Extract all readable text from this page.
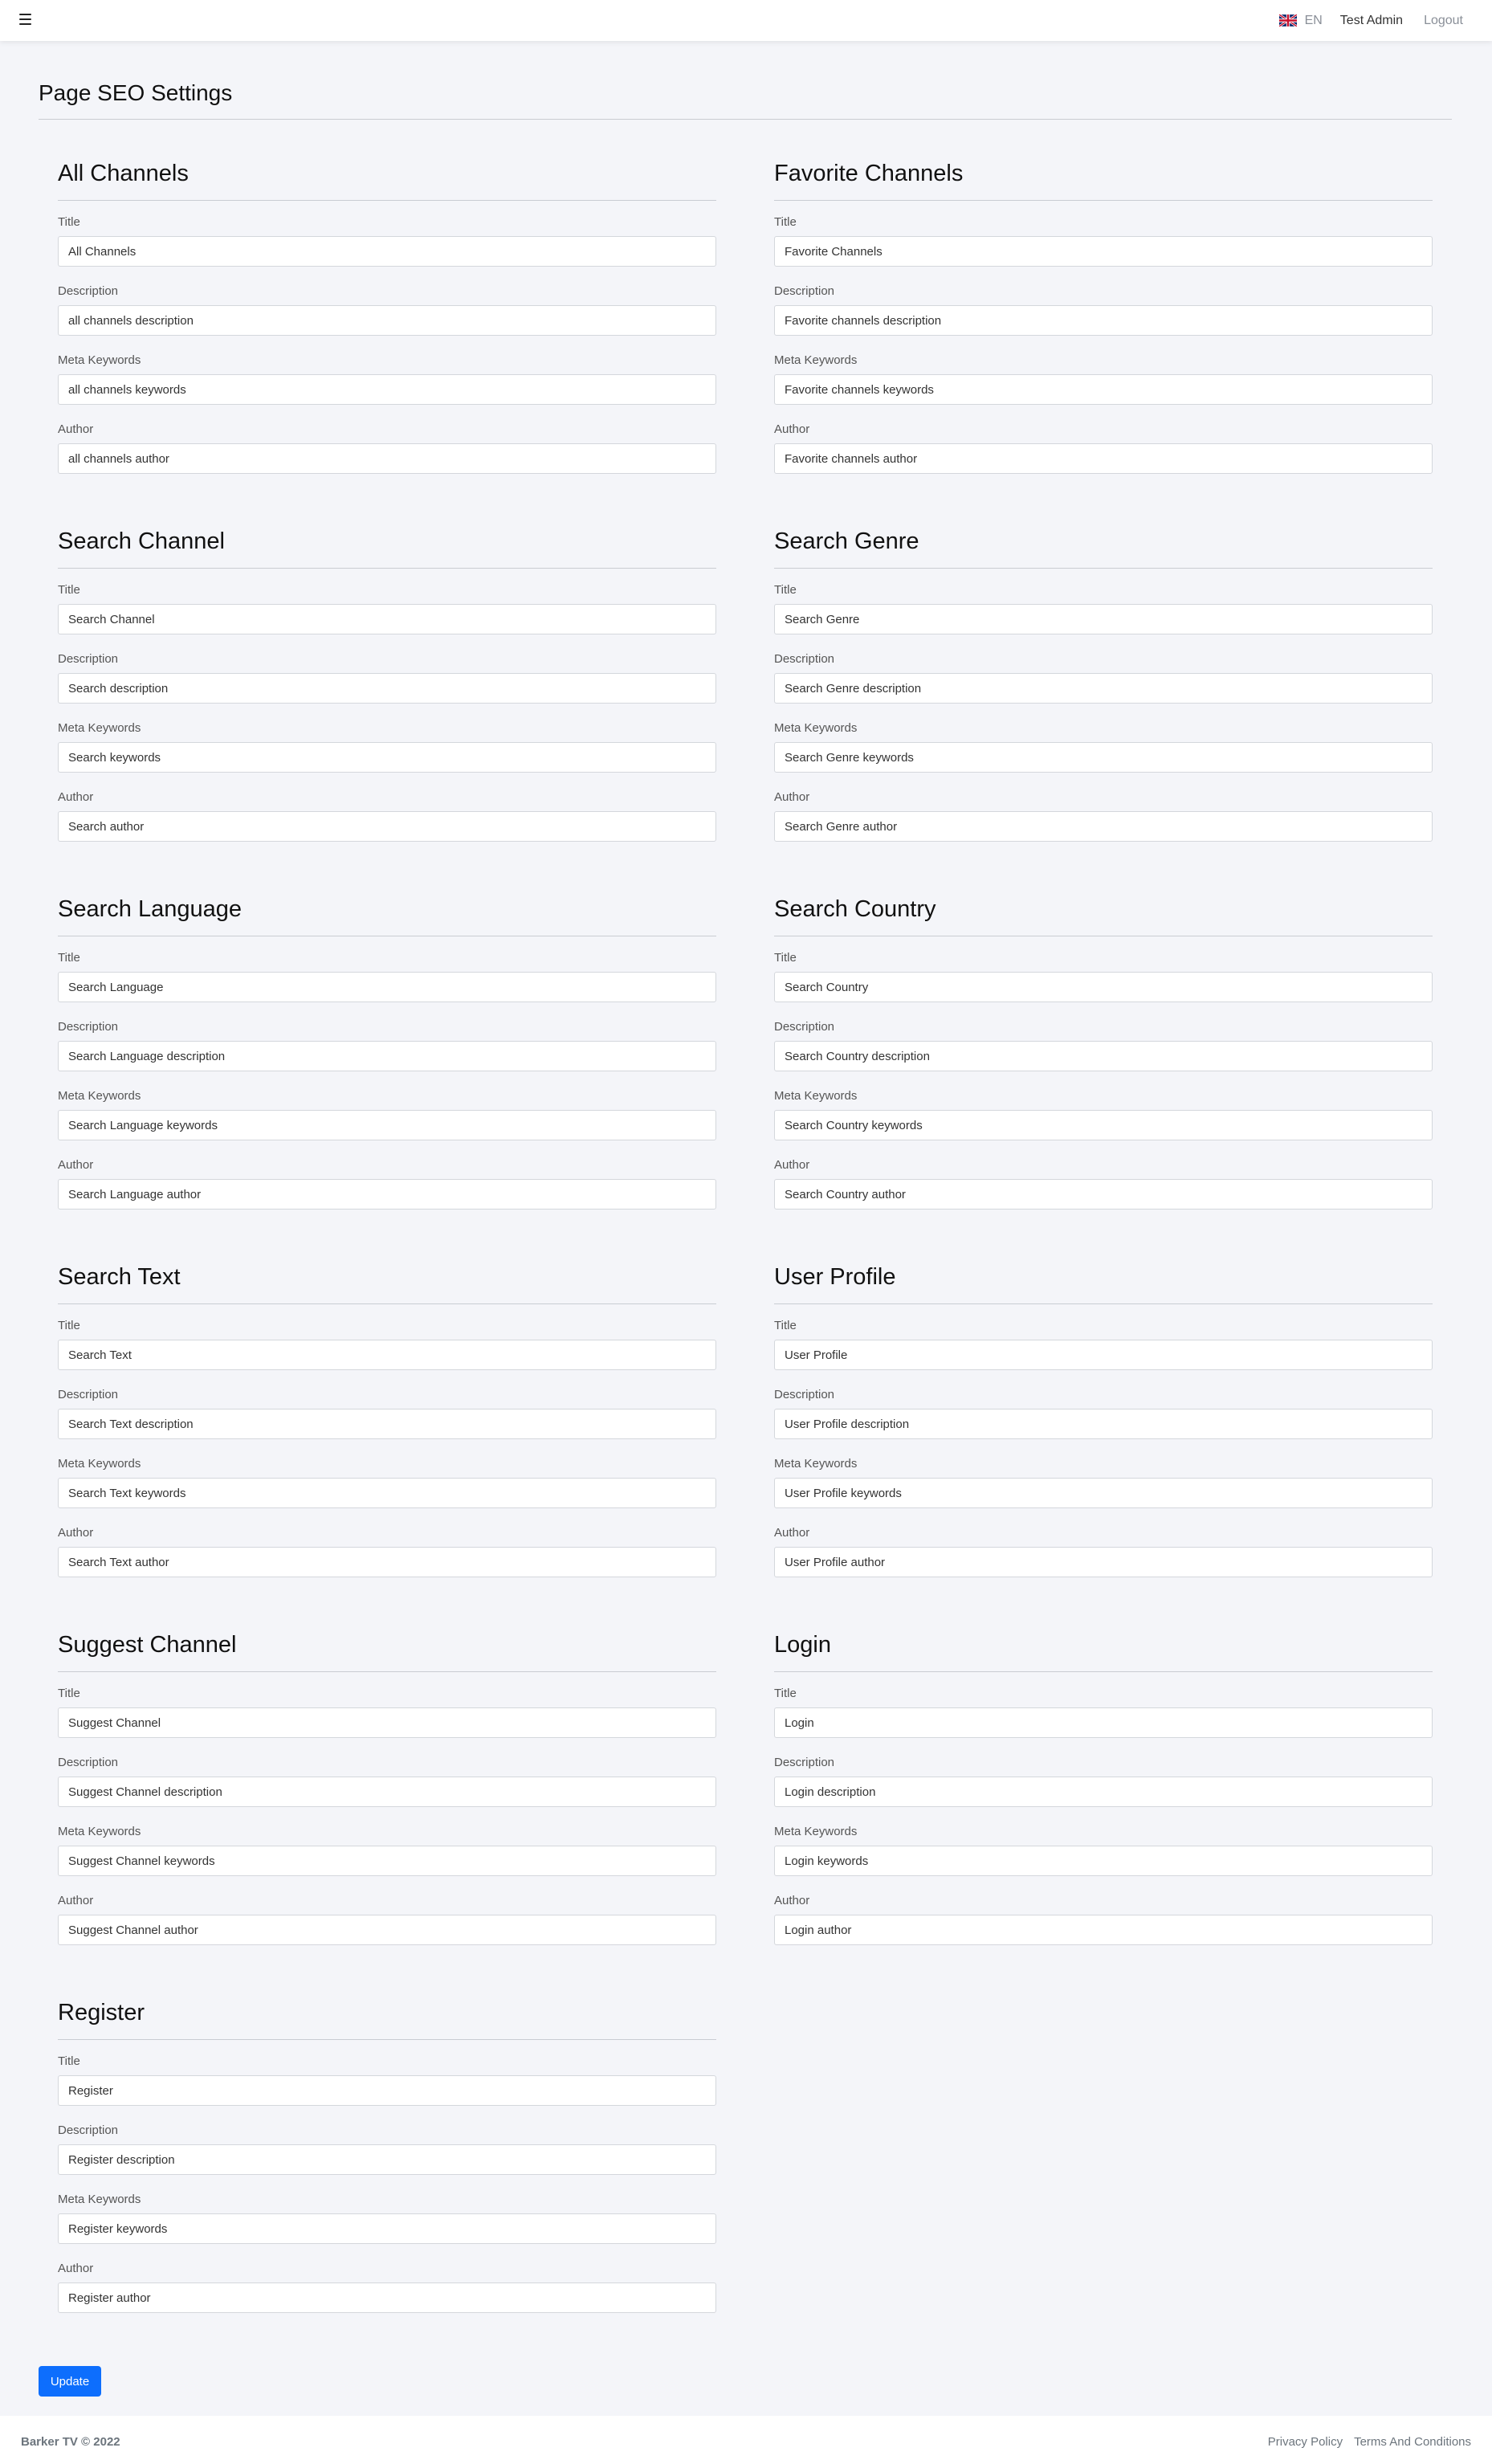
EN Test Admin Logout
Page SEO Settings
All Channels
Title
All Channels
Description
all channels description
Meta Keywords
all channels keywords
Author
all channels author
Favorite Channels
Title
Favorite Channels
Description
Favorite channels description
Meta Keywords
Favorite channels keywords
Author
Favorite channels author
Search Channel
Title
Search Channel
Description
Search description
Meta Keywords
Search keywords
Author
Search author
Search Genre
Title
Search Genre
Description
Search Genre description
Meta Keywords
Search Genre keywords
Author
Search Genre author
Search Language
Title
Search Language
Description
Search Language description
Meta Keywords
Search Language keywords
Author
Search Language author
Search Country
Title
Search Country
Description
Search Country description
Meta Keywords
Search Country keywords
Author
Search Country author
Search Text
Title
Search Text
Description
Search Text description
Meta Keywords
Search Text keywords
Author
Search Text author
User Profile
Title
User Profile
Description
User Profile description
Meta Keywords
User Profile keywords
Author
User Profile author
Suggest Channel
Title
Suggest Channel
Description
Suggest Channel description
Meta Keywords
Suggest Channel keywords
Author
Suggest Channel author
Login
Title
Login
Description
Login description
Meta Keywords
Login keywords
Author
Login author
Register
Title
Register
Description
Register description
Meta Keywords
Register keywords
Author
Register author
Update
Barker TV © 2022	Privacy Policy Terms And Conditions
